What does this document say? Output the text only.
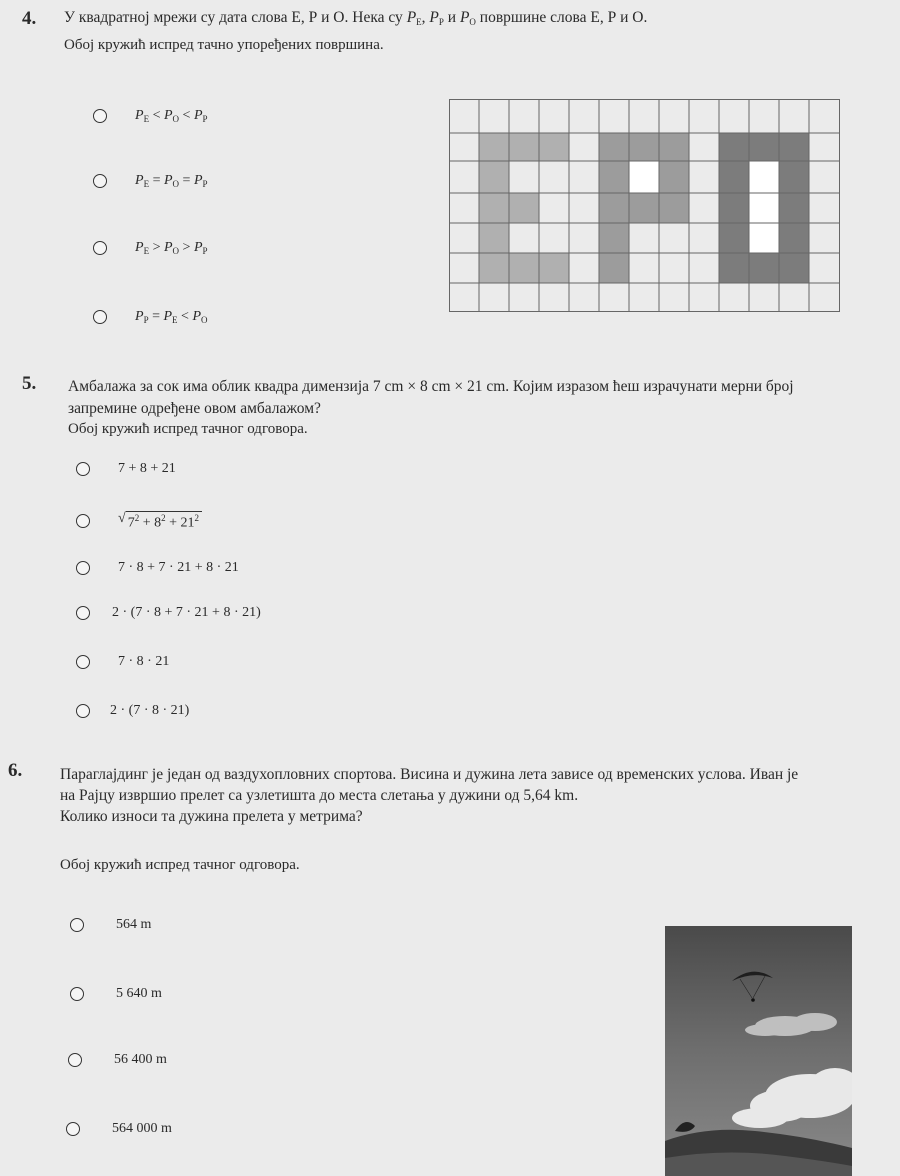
4. У квадратној мрежи су дата слова Е, Р и О. Нека су $P_E$, $P_P$ и $P_O$ површине слова Е, Р и О.
Обој кружић испред тачно упоређених површина.
$P_E < P_O < P_P$
$P_E = P_O = P_P$
$P_E > P_O > P_P$
$P_P = P_E < P_O$
5. Амбалажа за сок има облик квадра димензија 7 cm × 8 cm × 21 cm. Којим изразом ћеш израчунати мерни број
запремине одређене овом амбалажом?
Обој кружић испред тачног одговора.
7 + 8 + 21
√ $7^2 + 8^2 + 21^2$
7 · 8 + 7 · 21 + 8 · 21
2 · (7 · 8 + 7 · 21 + 8 · 21)
7 · 8 · 21
2 · (7 · 8 · 21)
6. Параглајдинг је један од ваздухопловних спортова. Висина и дужина лета зависе од временских услова. Иван је
на Рајцу извршио прелет са узлетишта до места слетања у дужини од 5,64 km.
Колико износи та дужина прелета у метрима?
Обој кружић испред тачног одговора.
564 m
5 640 m
56 400 m
564 000 m
